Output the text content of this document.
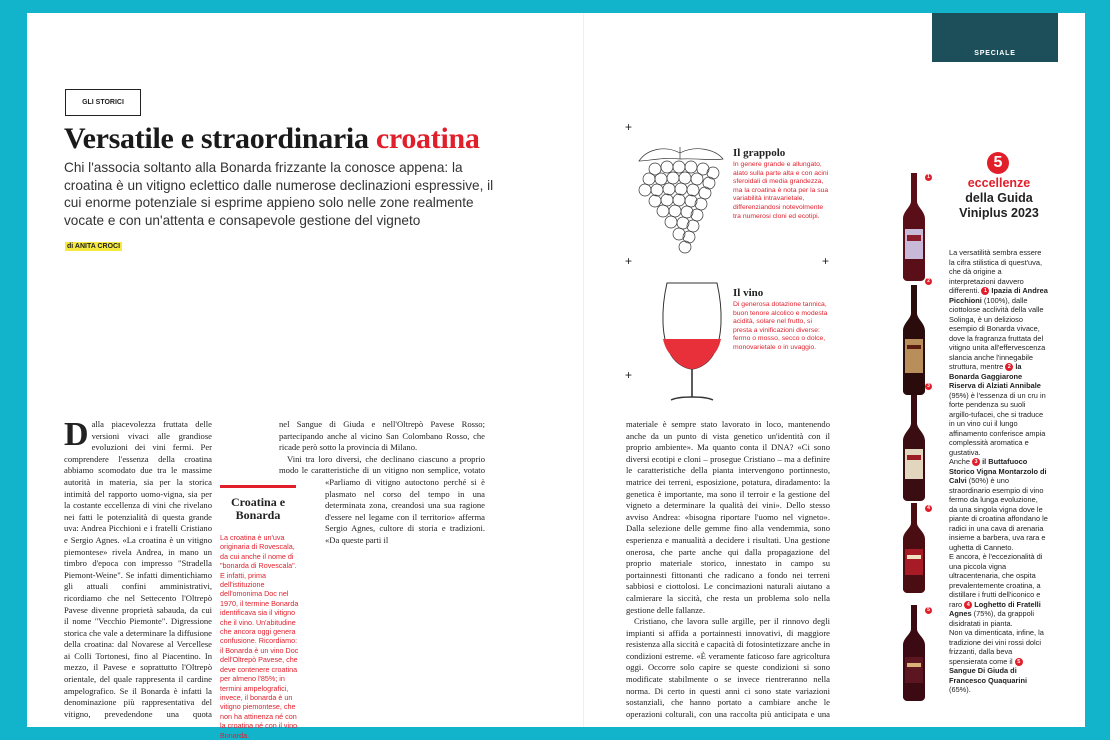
SPECIALE
GLI STORICI
Versatile e straordinaria croatina
Chi l'associa soltanto alla Bonarda frizzante la conosce appena: la croatina è un vitigno eclettico dalle numerose declinazioni espressive, il cui enorme potenziale si esprime appieno solo nelle zone realmente vocate e con un'attenta e consapevole gestione del vigneto
di ANITA CROCI
D alla piacevolezza fruttata delle versioni vivaci alle grandiose evoluzioni dei vini fermi. Per comprendere l'essenza della croatina abbiamo scomodato due tra le massime autorità in materia, sia per la storica intimità del rapporto uomo-vigna, sia per la costante eccellenza di vini che rivelano nei fatti le potenzialità di questa grande uva: Andrea Picchioni e i fratelli Cristiano e Sergio Agnes. «La croatina è un vitigno piemontese» rivela Andrea, in mano un timbro d'epoca con impresso "Stradella Piemont-Weine". Se infatti dimentichiamo gli attuali confini amministrativi, ricordiamo che nel Settecento l'Oltrepò Pavese divenne proprietà sabauda, da cui il nome "Vecchio Piemonte". Digressione storica che vale a determinare la diffusione della croatina: dal Novarese al Vercellese ai Colli Tortonesi, fino al Piacentino. In mezzo, il Pavese e soprattutto l'Oltrepò orientale, del quale rappresenta il cardine ampelografico. Se il Bonarda è infatti la denominazione più rappresentativa del vitigno, prevedendone una quota

nel Sangue di Giuda e nell'Oltrepò Pavese Rosso; partecipando anche al vicino San Colombano Rosso, che ricade però sotto la provincia di Milano.

Vini tra loro diversi, che declinano ciascuno a proprio modo le caratteristiche di un vitigno non semplice, votato

«Parliamo di vitigno autoctono perché si è plasmato nel corso del tempo in una determinata zona, creandosi una sua ragione d'essere nel legame con il territorio» afferma Sergio Agnes, cultore di storia e tradizioni. «Da queste parti il

Croatina e Bonarda
La croatina è un'uva originaria di Rovescala, da cui anche il nome di "bonarda di Rovescala". E infatti, prima dell'istituzione dell'omonima Doc nel 1970, il termine Bonarda identificava sia il vitigno che il vino. Un'abitudine che ancora oggi genera confusione. Ricordiamo: il Bonarda è un vino Doc dell'Oltrepò Pavese, che deve contenere croatina per almeno l'85%; in termini ampelografici, invece, il bonarda è un vitigno piemontese, che non ha attinenza né con la croatina né con il vino Bonarda.

materiale è sempre stato lavorato in loco, mantenendo anche da un punto di vista genetico un'identità con il proprio ambiente». Ma quanto conta il DNA? «Ci sono diversi ecotipi e cloni – prosegue Cristiano – ma a definire le caratteristiche della pianta intervengono portinnesto, matrice dei terreni, esposizione, potatura, diradamento: la genetica è importante, ma sono il terroir e la gestione del vigneto a determinare la qualità dei vini». Dello stesso avviso Andrea: «bisogna riportare l'uomo nel vigneto». Dalla selezione delle gemme fino alla vendemmia, sono esperienza e manualità a decidere i risultati. Una gestione onerosa, che parte anche qui dalla propagazione del proprio materiale storico, innestato in campo su portainnesti fittonanti che radicano a fondo nei terreni sabbiosi e ciottolosi. Le concimazioni naturali aiutano a calmierare la siccità, che resta un problema solo nella gestione delle fallanze.

Cristiano, che lavora sulle argille, per il rinnovo degli impianti si affida a portainnesti innovativi, di maggiore resistenza alla siccità e capacità di fotosintetizzare anche in condizioni estreme. «È veramente faticoso fare agricoltura oggi. Occorre solo capire se queste condizioni si sono modificate stabilmente o se invece rientreranno nella norma. Di certo in questi anni ci sono state variazioni sostanziali, che hanno portato a cambiare anche le operazioni colturali, con una raccolta più anticipata e una

+
+	+
+
Il grappolo
In genere grande e allungato, alato sulla parte alta e con acini sferoidali di media grandezza, ma la croatina è nota per la sua variabilità intravarietale, differenziandosi notevolmente tra numerosi cloni ed ecotipi.
Il vino
Di generosa dotazione tannica, buon tenore alcolico e modesta acidità, solare nel frutto, si presta a vinificazioni diverse: fermo o mosso, secco o dolce, monovarietale o in uvaggio.
1
2
3
4
5
5
eccellenze
della Guida
Viniplus 2023
La versatilità sembra essere la cifra stilistica di quest'uva, che dà origine a interpretazioni davvero differenti. 1 Ipazia di Andrea Picchioni (100%), dalle ciottolose acclività della valle Solinga, è un delizioso esempio di Bonarda vivace, dove la fragranza fruttata del vitigno unita all'effervescenza slancia anche l'innegabile struttura, mentre 2 la Bonarda Gaggiarone Riserva di Alziati Annibale (95%) è l'essenza di un cru in forte pendenza su suoli argillo-tufacei, che si traduce in un vino cui il lungo affinamento conferisce ampia complessità aromatica e gustativa.
Anche 3 il Buttafuoco Storico Vigna Montarzolo di Calvi (50%) è uno straordinario esempio di vino fermo da lunga evoluzione, da una singola vigna dove le piante di croatina affondano le radici in una cava di arenaria insieme a barbera, uva rara e ughetta di Canneto.
E ancora, è l'eccezionalità di una piccola vigna ultracentenaria, che ospita prevalentemente croatina, a distillare i frutti dell'iconico e raro 4 Loghetto di Fratelli Agnes (75%), da grappoli disidratati in pianta.
Non va dimenticata, infine, la tradizione dei vini rossi dolci frizzanti, dalla beva spensierata come il 5 Sangue Di Giuda di Francesco Quaquarini (65%).
